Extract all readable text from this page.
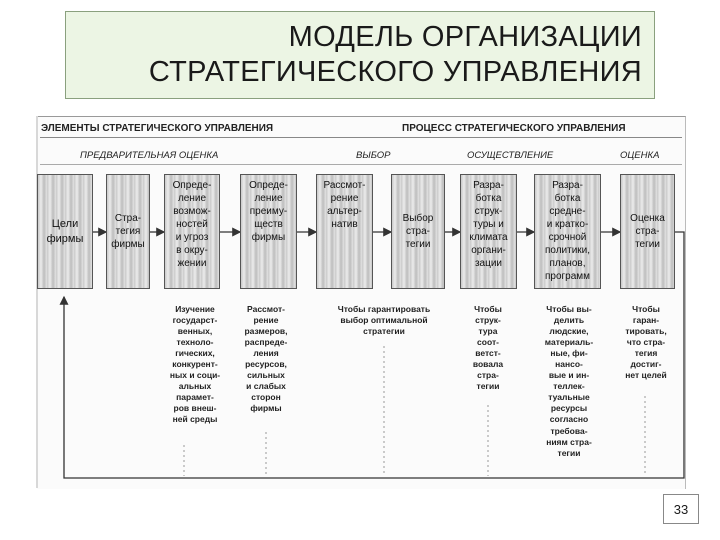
МОДЕЛЬ ОРГАНИЗАЦИИ
СТРАТЕГИЧЕСКОГО УПРАВЛЕНИЯ
ЭЛЕМЕНТЫ СТРАТЕГИЧЕСКОГО УПРАВЛЕНИЯ	ПРОЦЕСС СТРАТЕГИЧЕСКОГО УПРАВЛЕНИЯ
ПРЕДВАРИТЕЛЬНАЯ ОЦЕНКА	ВЫБОР	ОСУЩЕСТВЛЕНИЕ	ОЦЕНКА
Цели
фирмы
Стра-
тегия
фирмы
Опреде-
ление
возмож-
ностей
и угроз
в окру-
жении
Опреде-
ление
преиму-
ществ
фирмы
Рассмот-
рение
альтер-
натив
Выбор
стра-
тегии
Разра-
ботка
струк-
туры и
климата
органи-
зации
Разра-
ботка
средне-
и кратко-
срочной
политики,
планов,
программ
Оценка
стра-
тегии
Изучение
государст-
венных,
техноло-
гических,
конкурент-
ных и соци-
альных
парамет-
ров внеш-
ней среды
Рассмот-
рение
размеров,
распреде-
ления
ресурсов,
сильных
и слабых
сторон
фирмы
Чтобы гарантировать
выбор оптимальной
стратегии
Чтобы
струк-
тура
соот-
ветст-
вовала
стра-
тегии
Чтобы вы-
делить
людские,
материаль-
ные, фи-
нансо-
вые и ин-
теллек-
туальные
ресурсы
согласно
требова-
ниям стра-
тегии
Чтобы
гаран-
тировать,
что стра-
тегия
достиг-
нет целей
33
